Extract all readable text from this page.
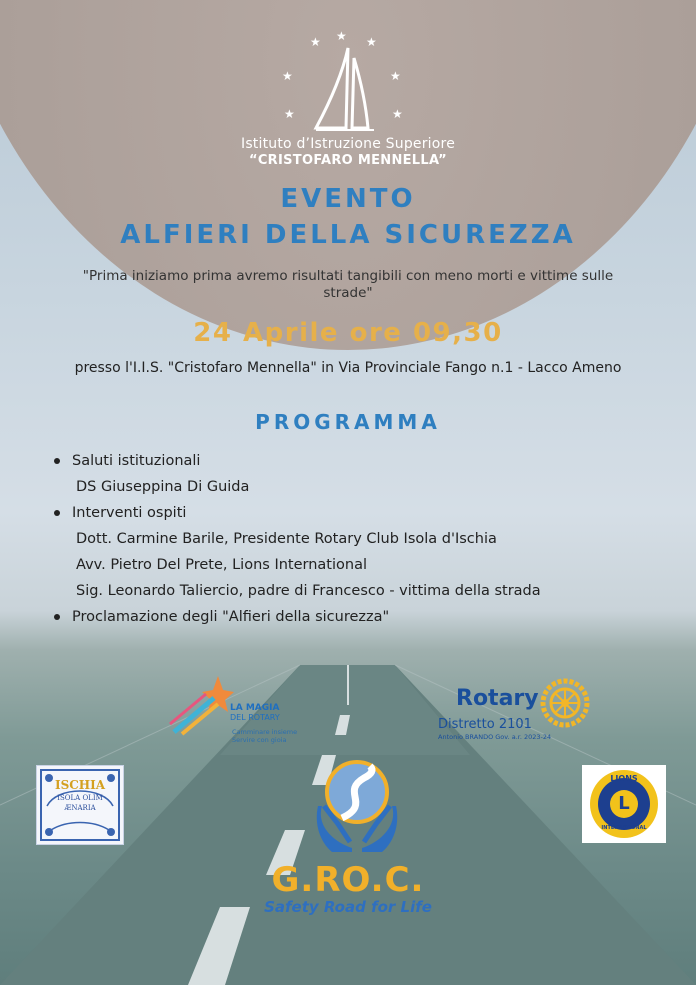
★ ★ ★
★	★
★	★
Istituto d’Istruzione Superiore
“CRISTOFARO MENNELLA”
EVENTO
ALFIERI DELLA SICUREZZA
"Prima iniziamo prima avremo risultati tangibili con meno morti e vittime sulle strade"
24 Aprile ore 09,30
presso l'I.I.S. "Cristofaro Mennella" in Via Provinciale Fango n.1 - Lacco Ameno
PROGRAMMA
Saluti istituzionali
DS Giuseppina Di Guida
Interventi ospiti
Dott. Carmine Barile, Presidente Rotary Club Isola d'Ischia
Avv. Pietro Del Prete, Lions International
Sig. Leonardo Taliercio, padre di Francesco - vittima della strada
Proclamazione degli "Alfieri della sicurezza"
LA MAGIA
DEL ROTARY
Camminare insieme
Servire con gioia
Rotary
Distretto 2101
Antonio BRANDO Gov. a.r. 2023-24
ISCHIA
ISOLA OLIM
ÆNARIA
LIONS
L
INTERNATIONAL
G.RO.C.
Safety Road for Life
